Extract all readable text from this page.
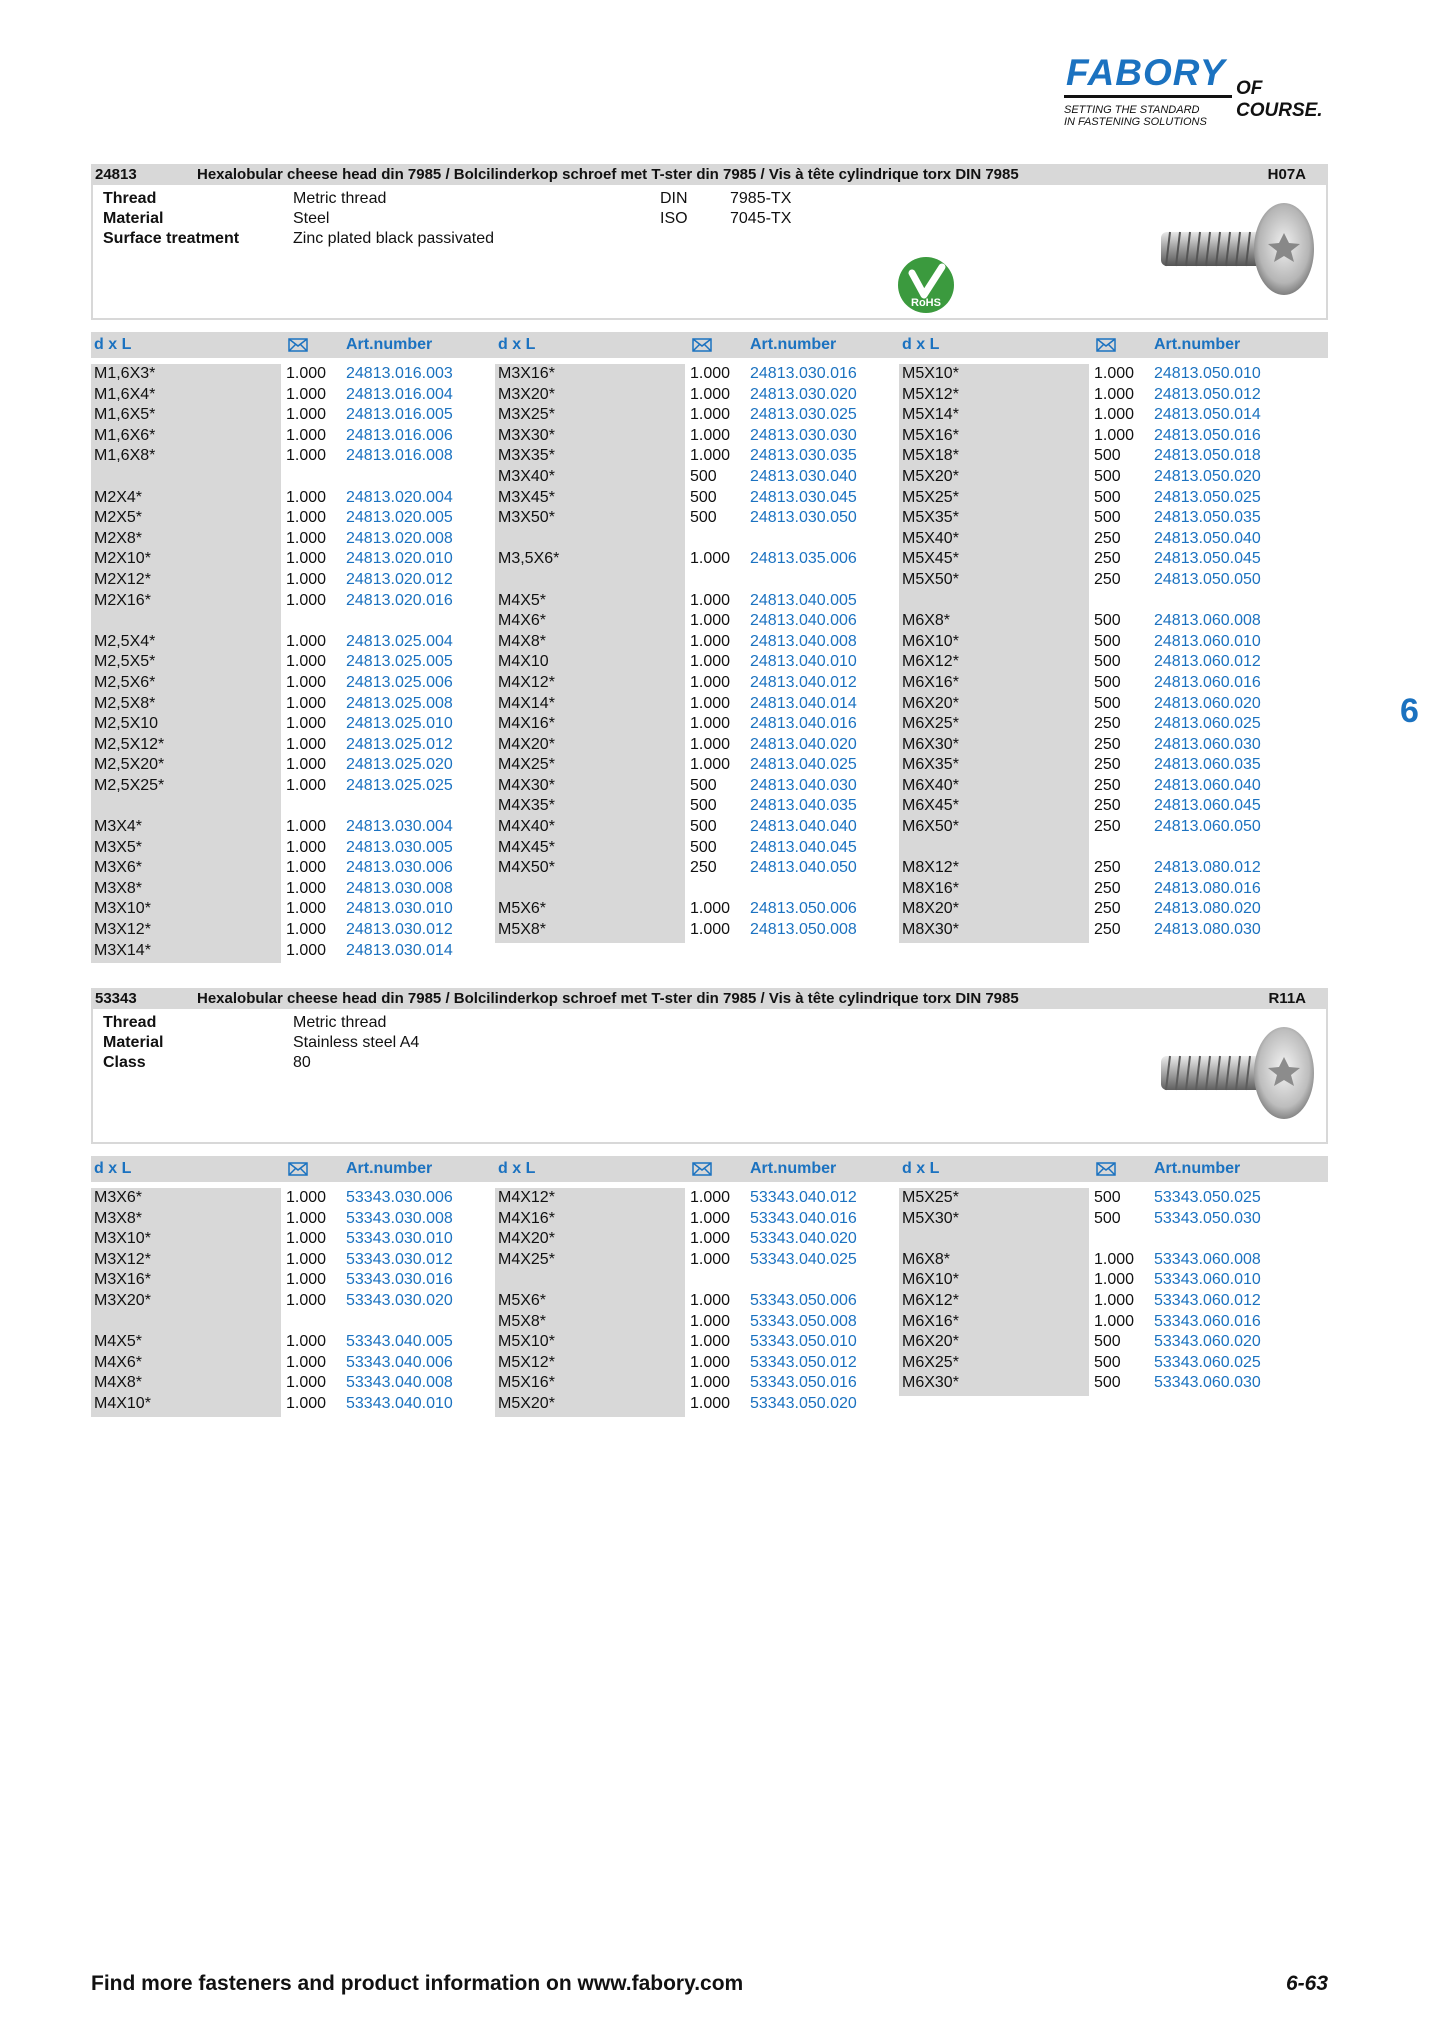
FABORY OF COURSE.
SETTING THE STANDARD
IN FASTENING SOLUTIONS
6
24813	Hexalobular cheese head din 7985 / Bolcilinderkop schroef met T-ster din 7985 / Vis à tête cylindrique torx DIN 7985	H07A
Thread	Metric thread
Material	Steel
Surface treatment	Zinc plated black passivated
DIN	7985-TX
ISO	7045-TX
RoHS
d x L	Art.number	d x L	Art.number	d x L	Art.number
M1,6X3*	1.000 24813.016.003
M1,6X4*	1.000 24813.016.004
M1,6X5*	1.000 24813.016.005
M1,6X6*	1.000 24813.016.006
M1,6X8*	1.000 24813.016.008
M2X4*	1.000 24813.020.004
M2X5*	1.000 24813.020.005
M2X8*	1.000 24813.020.008
M2X10*	1.000 24813.020.010
M2X12*	1.000 24813.020.012
M2X16*	1.000 24813.020.016
M2,5X4*	1.000 24813.025.004
M2,5X5*	1.000 24813.025.005
M2,5X6*	1.000 24813.025.006
M2,5X8*	1.000 24813.025.008
M2,5X10	1.000 24813.025.010
M2,5X12*	1.000 24813.025.012
M2,5X20*	1.000 24813.025.020
M2,5X25*	1.000 24813.025.025
M3X4*	1.000 24813.030.004
M3X5*	1.000 24813.030.005
M3X6*	1.000 24813.030.006
M3X8*	1.000 24813.030.008
M3X10*	1.000 24813.030.010
M3X12*	1.000 24813.030.012
M3X14*	1.000 24813.030.014
M3X16*	1.000 24813.030.016
M3X20*	1.000 24813.030.020
M3X25*	1.000 24813.030.025
M3X30*	1.000 24813.030.030
M3X35*	1.000 24813.030.035
M3X40*	500 24813.030.040
M3X45*	500 24813.030.045
M3X50*	500 24813.030.050
M3,5X6*	1.000 24813.035.006
M4X5*	1.000 24813.040.005
M4X6*	1.000 24813.040.006
M4X8*	1.000 24813.040.008
M4X10	1.000 24813.040.010
M4X12*	1.000 24813.040.012
M4X14*	1.000 24813.040.014
M4X16*	1.000 24813.040.016
M4X20*	1.000 24813.040.020
M4X25*	1.000 24813.040.025
M4X30*	500 24813.040.030
M4X35*	500 24813.040.035
M4X40*	500 24813.040.040
M4X45*	500 24813.040.045
M4X50*	250 24813.040.050
M5X6*	1.000 24813.050.006
M5X8*	1.000 24813.050.008
M5X10*	1.000 24813.050.010
M5X12*	1.000 24813.050.012
M5X14*	1.000 24813.050.014
M5X16*	1.000 24813.050.016
M5X18*	500 24813.050.018
M5X20*	500 24813.050.020
M5X25*	500 24813.050.025
M5X35*	500 24813.050.035
M5X40*	250 24813.050.040
M5X45*	250 24813.050.045
M5X50*	250 24813.050.050
M6X8*	500 24813.060.008
M6X10*	500 24813.060.010
M6X12*	500 24813.060.012
M6X16*	500 24813.060.016
M6X20*	500 24813.060.020
M6X25*	250 24813.060.025
M6X30*	250 24813.060.030
M6X35*	250 24813.060.035
M6X40*	250 24813.060.040
M6X45*	250 24813.060.045
M6X50*	250 24813.060.050
M8X12*	250 24813.080.012
M8X16*	250 24813.080.016
M8X20*	250 24813.080.020
M8X30*	250 24813.080.030
53343	Hexalobular cheese head din 7985 / Bolcilinderkop schroef met T-ster din 7985 / Vis à tête cylindrique torx DIN 7985	R11A
Thread	Metric thread
Material	Stainless steel A4
Class	80
d x L	Art.number	d x L	Art.number	d x L	Art.number
M3X6*	1.000 53343.030.006
M3X8*	1.000 53343.030.008
M3X10*	1.000 53343.030.010
M3X12*	1.000 53343.030.012
M3X16*	1.000 53343.030.016
M3X20*	1.000 53343.030.020
M4X5*	1.000 53343.040.005
M4X6*	1.000 53343.040.006
M4X8*	1.000 53343.040.008
M4X10*	1.000 53343.040.010
M4X12*	1.000 53343.040.012
M4X16*	1.000 53343.040.016
M4X20*	1.000 53343.040.020
M4X25*	1.000 53343.040.025
M5X6*	1.000 53343.050.006
M5X8*	1.000 53343.050.008
M5X10*	1.000 53343.050.010
M5X12*	1.000 53343.050.012
M5X16*	1.000 53343.050.016
M5X20*	1.000 53343.050.020
M5X25*	500 53343.050.025
M5X30*	500 53343.050.030
M6X8*	1.000 53343.060.008
M6X10*	1.000 53343.060.010
M6X12*	1.000 53343.060.012
M6X16*	1.000 53343.060.016
M6X20*	500 53343.060.020
M6X25*	500 53343.060.025
M6X30*	500 53343.060.030
Find more fasteners and product information on www.fabory.com	6-63
